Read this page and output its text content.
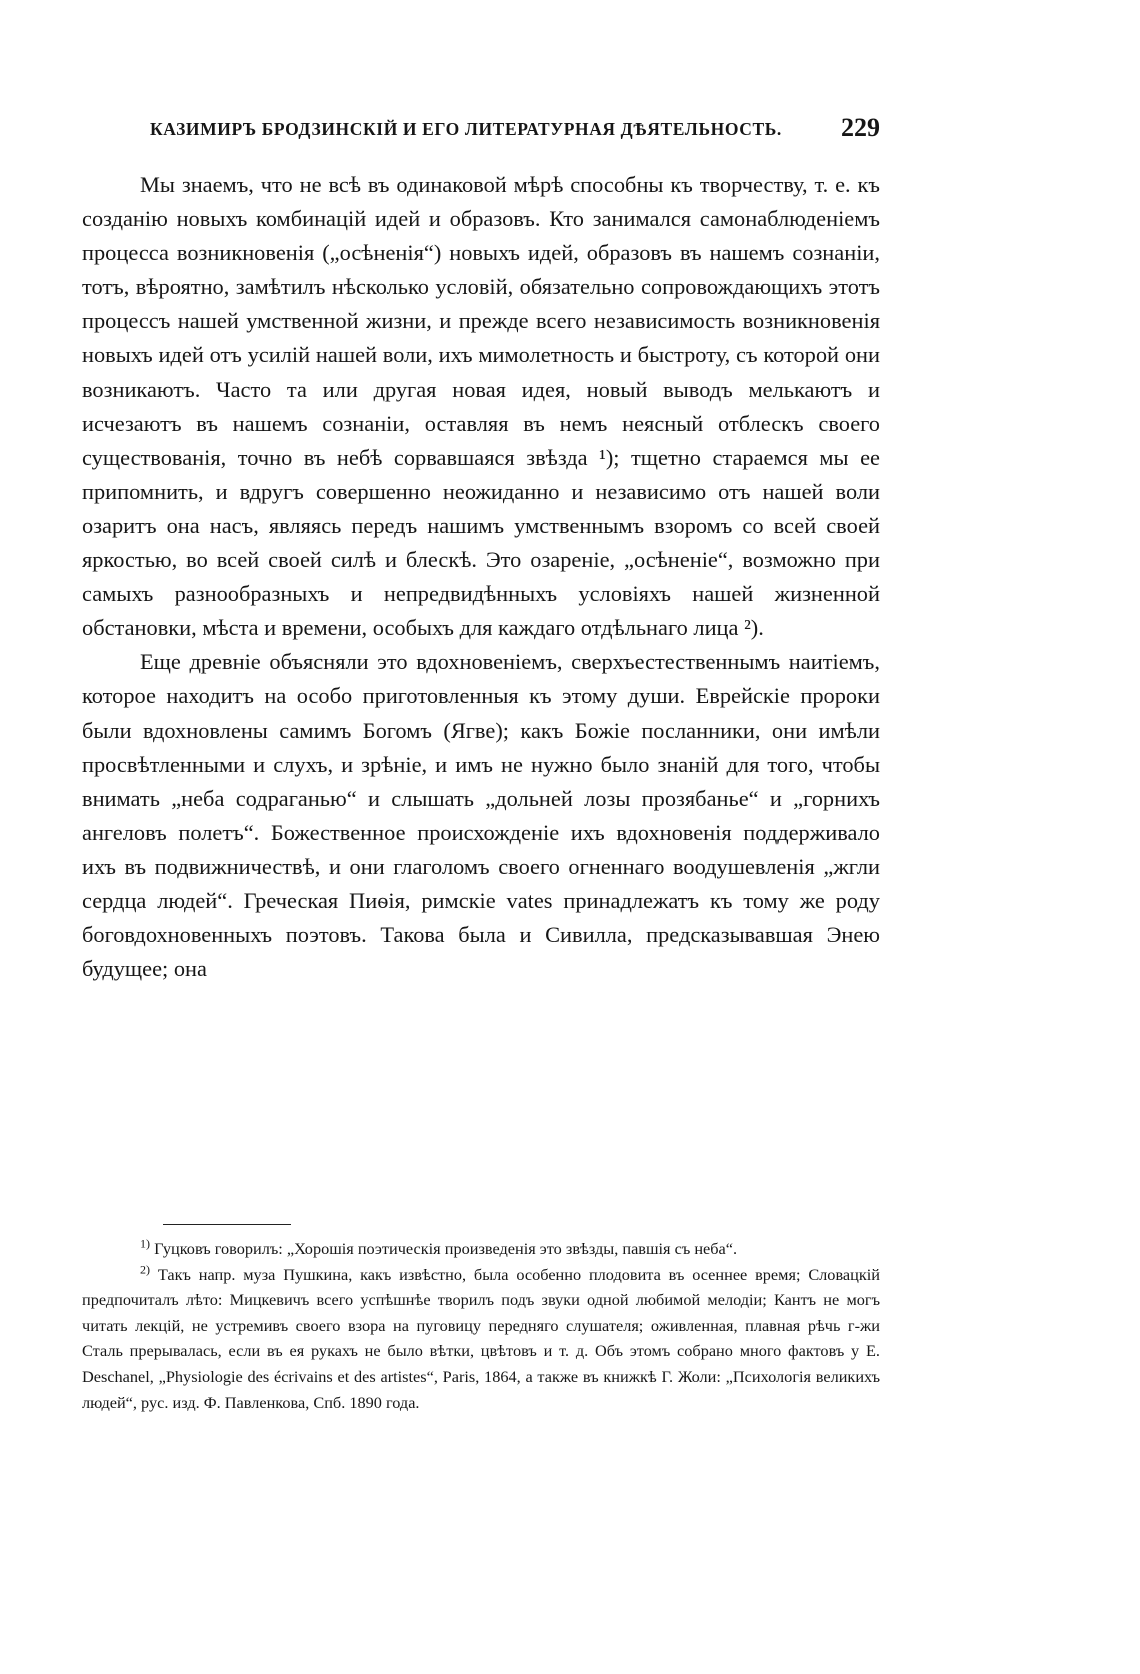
КАЗИМИРЪ БРОДЗИНСКІЙ И ЕГО ЛИТЕРАТУРНАЯ ДѢЯТЕЛЬНОСТЬ. 229

Мы знаемъ, что не всѣ въ одинаковой мѣрѣ способны къ творчеству, т. е. къ созданію новыхъ комбинацій идей и образовъ. Кто занимался самонаблюденіемъ процесса возникновенія („осѣненія“) новыхъ идей, образовъ въ нашемъ сознаніи, тотъ, вѣроятно, замѣтилъ нѣсколько условій, обязательно сопровождающихъ этотъ процессъ нашей умственной жизни, и прежде всего независимость возникновенія новыхъ идей отъ усилій нашей воли, ихъ мимолетность и быстроту, съ которой они возникаютъ. Часто та или другая новая идея, новый выводъ мелькаютъ и исчезаютъ въ нашемъ сознаніи, оставляя въ немъ неясный отблескъ своего существованія, точно въ небѣ сорвавшаяся звѣзда ¹); тщетно стараемся мы ее припомнить, и вдругъ совершенно неожиданно и независимо отъ нашей воли озаритъ она насъ, являясь передъ нашимъ умственнымъ взоромъ со всей своей яркостью, во всей своей силѣ и блескѣ. Это озареніе, „осѣненіе“, возможно при самыхъ разнообразныхъ и непредвидѣнныхъ условіяхъ нашей жизненной обстановки, мѣста и времени, особыхъ для каждаго отдѣльнаго лица ²).

Еще древніе объясняли это вдохновеніемъ, сверхъестественнымъ наитіемъ, которое находитъ на особо приготовленныя къ этому души. Еврейскіе пророки были вдохновлены самимъ Богомъ (Ягве); какъ Божіе посланники, они имѣли просвѣтленными и слухъ, и зрѣніе, и имъ не нужно было знаній для того, чтобы внимать „неба содраганью“ и слышать „дольней лозы прозябанье“ и „горнихъ ангеловъ полетъ“. Божественное происхожденіе ихъ вдохновенія поддерживало ихъ въ подвижничествѣ, и они глаголомъ своего огненнаго воодушевленія „жгли сердца людей“. Греческая Пиѳія, римскіе vates принадлежатъ къ тому же роду боговдохновенныхъ поэтовъ. Такова была и Сивилла, предсказывавшая Энею будущее; она

$^{1)}$ Гуцковъ говорилъ: „Хорошія поэтическія произведенія это звѣзды, павшія съ неба“.

$^{2)}$ Такъ напр. муза Пушкина, какъ извѣстно, была особенно плодовита въ осеннее время; Словацкій предпочиталъ лѣто: Мицкевичъ всего успѣшнѣе творилъ подъ звуки одной любимой мелодіи; Кантъ не могъ читать лекцій, не устремивъ своего взора на пуговицу передняго слушателя; оживленная, плавная рѣчь г-жи Сталь прерывалась, если въ ея рукахъ не было вѣтки, цвѣтовъ и т. д. Объ этомъ собрано много фактовъ у E. Deschanel, „Physiologie des écrivains et des artistes“, Paris, 1864, а также въ книжкѣ Г. Жоли: „Психологія великихъ людей“, рус. изд. Ф. Павленкова, Спб. 1890 года.
